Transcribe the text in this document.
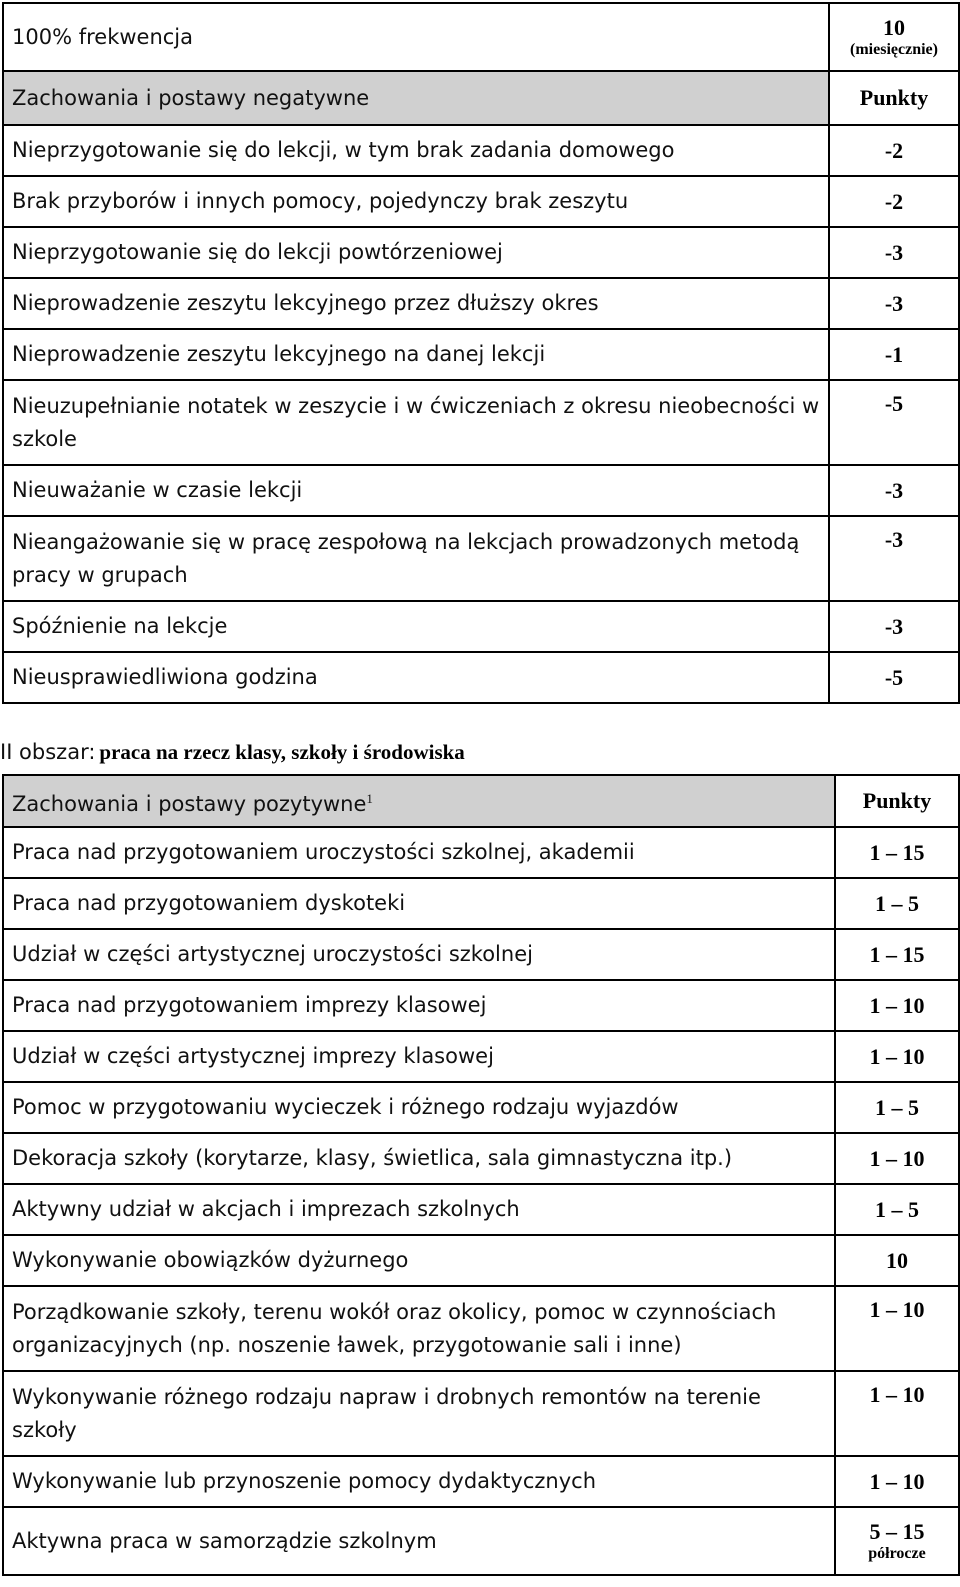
100% frekwencja	10
(miesięcznie)

Zachowania i postawy negatywne	Punkty
Nieprzygotowanie się do lekcji, w tym brak zadania domowego	-2
Brak przyborów i innych pomocy, pojedynczy brak zeszytu	-2
Nieprzygotowanie się do lekcji powtórzeniowej	-3
Nieprowadzenie zeszytu lekcyjnego przez dłuższy okres	-3
Nieprowadzenie zeszytu lekcyjnego na danej lekcji	-1
Nieuzupełnianie notatek w zeszycie i w ćwiczeniach z okresu nieobecności w szkole	-5
Nieuważanie w czasie lekcji	-3
Nieangażowanie się w pracę zespołową na lekcjach prowadzonych metodą pracy w grupach	-3
Spóźnienie na lekcje	-3
Nieusprawiedliwiona godzina	-5
II obszar: praca na rzecz klasy, szkoły i środowiska
Zachowania i postawy pozytywne$^1$	Punkty
Praca nad przygotowaniem uroczystości szkolnej, akademii	1 – 15
Praca nad przygotowaniem dyskoteki	1 – 5
Udział w części artystycznej uroczystości szkolnej	1 – 15
Praca nad przygotowaniem imprezy klasowej	1 – 10
Udział w części artystycznej imprezy klasowej	1 – 10
Pomoc w przygotowaniu wycieczek i różnego rodzaju wyjazdów	1 – 5
Dekoracja szkoły (korytarze, klasy, świetlica, sala gimnastyczna itp.)	1 – 10
Aktywny udział w akcjach i imprezach szkolnych	1 – 5
Wykonywanie obowiązków dyżurnego	10
Porządkowanie szkoły, terenu wokół oraz okolicy, pomoc w czynnościach organizacyjnych (np. noszenie ławek, przygotowanie sali i inne)	1 – 10
Wykonywanie różnego rodzaju napraw i drobnych remontów na terenie szkoły	1 – 10
Wykonywanie lub przynoszenie pomocy dydaktycznych	1 – 10
Aktywna praca w samorządzie szkolnym	5 – 15
półrocze
